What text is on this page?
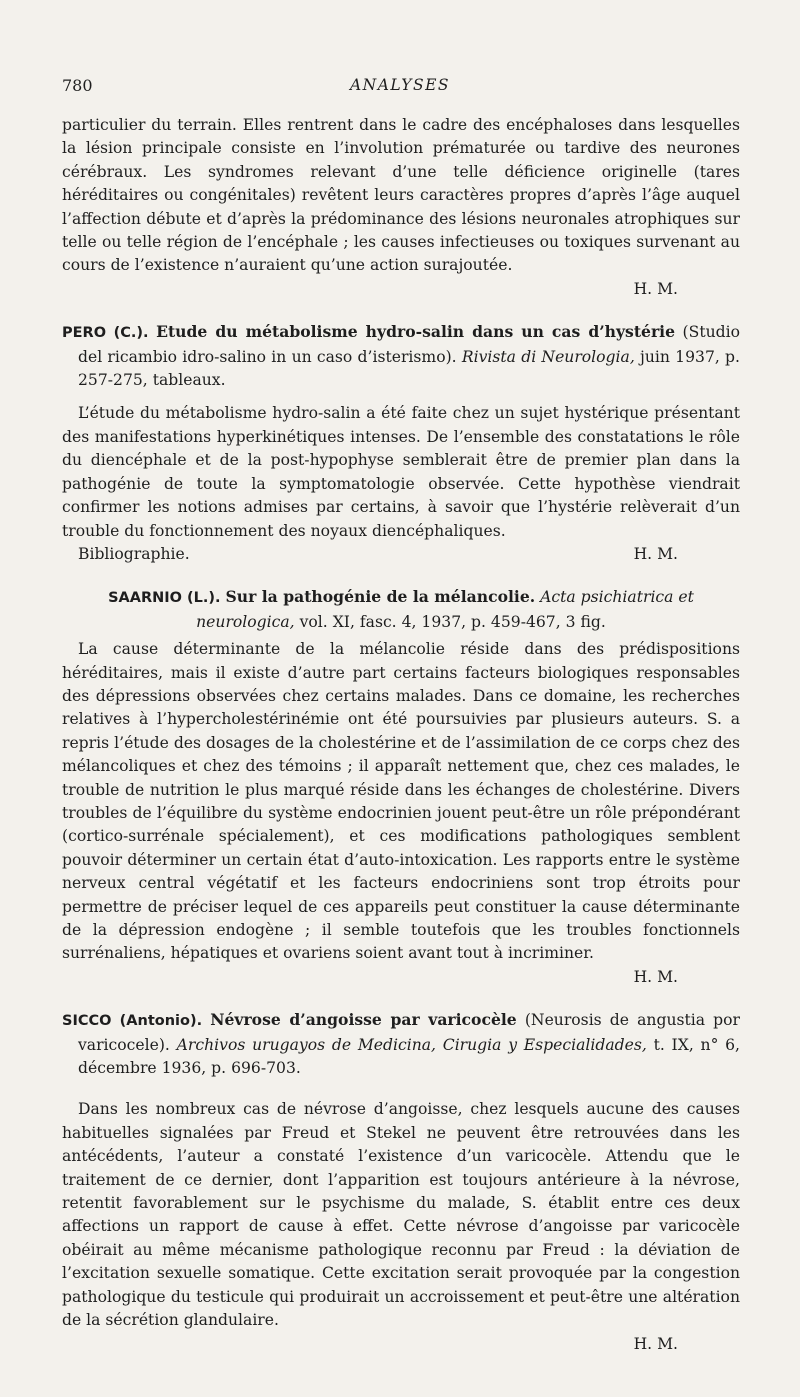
780	ANALYSES

particulier du terrain. Elles rentrent dans le cadre des encéphaloses dans lesquelles la lésion principale consiste en l’involution prématurée ou tardive des neurones cérébraux. Les syndromes relevant d’une telle déficience originelle (tares héréditaires ou congénitales) revêtent leurs caractères propres d’après l’âge auquel l’affection débute et d’après la prédominance des lésions neuronales atrophiques sur telle ou telle région de l’encéphale ; les causes infectieuses ou toxiques survenant au cours de l’existence n’auraient qu’une action surajoutée.

H. M.

PERO (C.). Etude du métabolisme hydro-salin dans un cas d’hystérie (Studio del ricambio idro-salino in un caso d’isterismo). Rivista di Neurologia, juin 1937, p. 257-275, tableaux.

L’étude du métabolisme hydro-salin a été faite chez un sujet hystérique présentant des manifestations hyperkinétiques intenses. De l’ensemble des constatations le rôle du diencéphale et de la post-hypophyse semblerait être de premier plan dans la pathogénie de toute la symptomatologie observée. Cette hypothèse viendrait confirmer les notions admises par certains, à savoir que l’hystérie relèverait d’un trouble du fonctionnement des noyaux diencéphaliques.

Bibliographie.	H. M.

SAARNIO (L.). Sur la pathogénie de la mélancolie. Acta psichiatrica et neurologica, vol. XI, fasc. 4, 1937, p. 459-467, 3 fig.

La cause déterminante de la mélancolie réside dans des prédispositions héréditaires, mais il existe d’autre part certains facteurs biologiques responsables des dépressions observées chez certains malades. Dans ce domaine, les recherches relatives à l’hypercholestérinémie ont été poursuivies par plusieurs auteurs. S. a repris l’étude des dosages de la cholestérine et de l’assimilation de ce corps chez des mélancoliques et chez des témoins ; il apparaît nettement que, chez ces malades, le trouble de nutrition le plus marqué réside dans les échanges de cholestérine. Divers troubles de l’équilibre du système endocrinien jouent peut-être un rôle prépondérant (cortico-surrénale spécialement), et ces modifications pathologiques semblent pouvoir déterminer un certain état d’auto-intoxication. Les rapports entre le système nerveux central végétatif et les facteurs endocriniens sont trop étroits pour permettre de préciser lequel de ces appareils peut constituer la cause déterminante de la dépression endogène ; il semble toutefois que les troubles fonctionnels surrénaliens, hépatiques et ovariens soient avant tout à incriminer.

H. M.

SICCO (Antonio). Névrose d’angoisse par varicocèle (Neurosis de angustia por varicocele). Archivos urugayos de Medicina, Cirugia y Especialidades, t. IX, n° 6, décembre 1936, p. 696-703.

Dans les nombreux cas de névrose d’angoisse, chez lesquels aucune des causes habituelles signalées par Freud et Stekel ne peuvent être retrouvées dans les antécédents, l’auteur a constaté l’existence d’un varicocèle. Attendu que le traitement de ce dernier, dont l’apparition est toujours antérieure à la névrose, retentit favorablement sur le psychisme du malade, S. établit entre ces deux affections un rapport de cause à effet. Cette névrose d’angoisse par varicocèle obéirait au même mécanisme pathologique reconnu par Freud : la déviation de l’excitation sexuelle somatique. Cette excitation serait provoquée par la congestion pathologique du testicule qui produirait un accroissement et peut-être une altération de la sécrétion glandulaire.

H. M.
